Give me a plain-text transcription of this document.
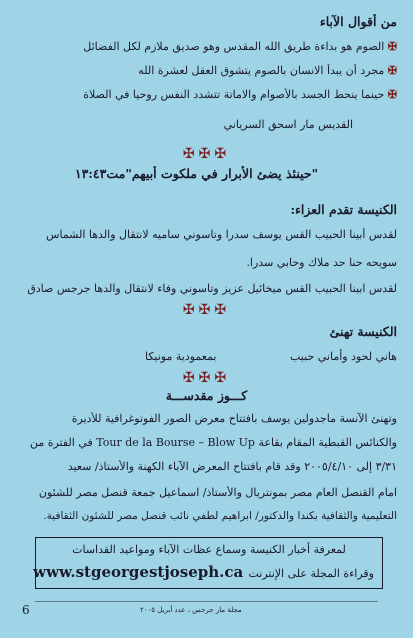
من أقوال الآباء
✠ الصوم هو بداءة طريق الله المقدس وهو صديق ملازم لكل الفضائل
✠ مجرد أن يبدأ الانسان بالصوم يتشوق العقل لعشرة الله
✠ حينما ينحط الجسد بالأصوام والاماتة تتشدد النفس روحيا في الصلاة
القديس مار اسحق السرياني
✠✠✠
"حينئذ يضئ الأبرار في ملكوت أبيهم"مت١٣:٤٣
الكنيسة تقدم العزاء:
لقدس أبينا الحبيب القس يوسف سدرا وتاسوني ساميه لانتقال والدها الشماس
سويحه حنا حد ملاك وحابي سدرا.
لقدس ابينا الحبيب القس ميخائيل عزيز وتاسوني وفاء لانتقال والدها جرجس صادق
✠✠✠
الكنيسة تهنئ
هاني لحود وأماني حبيب بمعمودية مونيكا
✠✠✠
كـــوز مقدســـة
وتهنئ الآنسة ماجدولين يوسف بافتتاح معرض الصور الفوتوغرافية للأديرة
والكنائس القبطية المقام بقاعة Tour de la Bourse – Blow Up في الفترة من
٣/٣١ إلى ٢٠٠٥/٤/١٠ وقد قام بافتتاح المعرض الآباء الكهنة والأستاذ/ سعيد
امام القنصل العام مصر بمونتريال والأستاذ/ اسماعيل جمعة قنصل مصر للشئون
التعليمية والثقافية بكندا والدكتور/ ابراهيم لطفي نائب قنصل مصر للشئون الثقافية.
لمعرفة أخبار الكنيسة وسماع عظات الآباء ومواعيد القداسات
وقراءة المجلة على الإنترنت www.stgeorgestjoseph.ca
6	مجلة مار جرجس ، عدد أبريل ٢٠٠٥
